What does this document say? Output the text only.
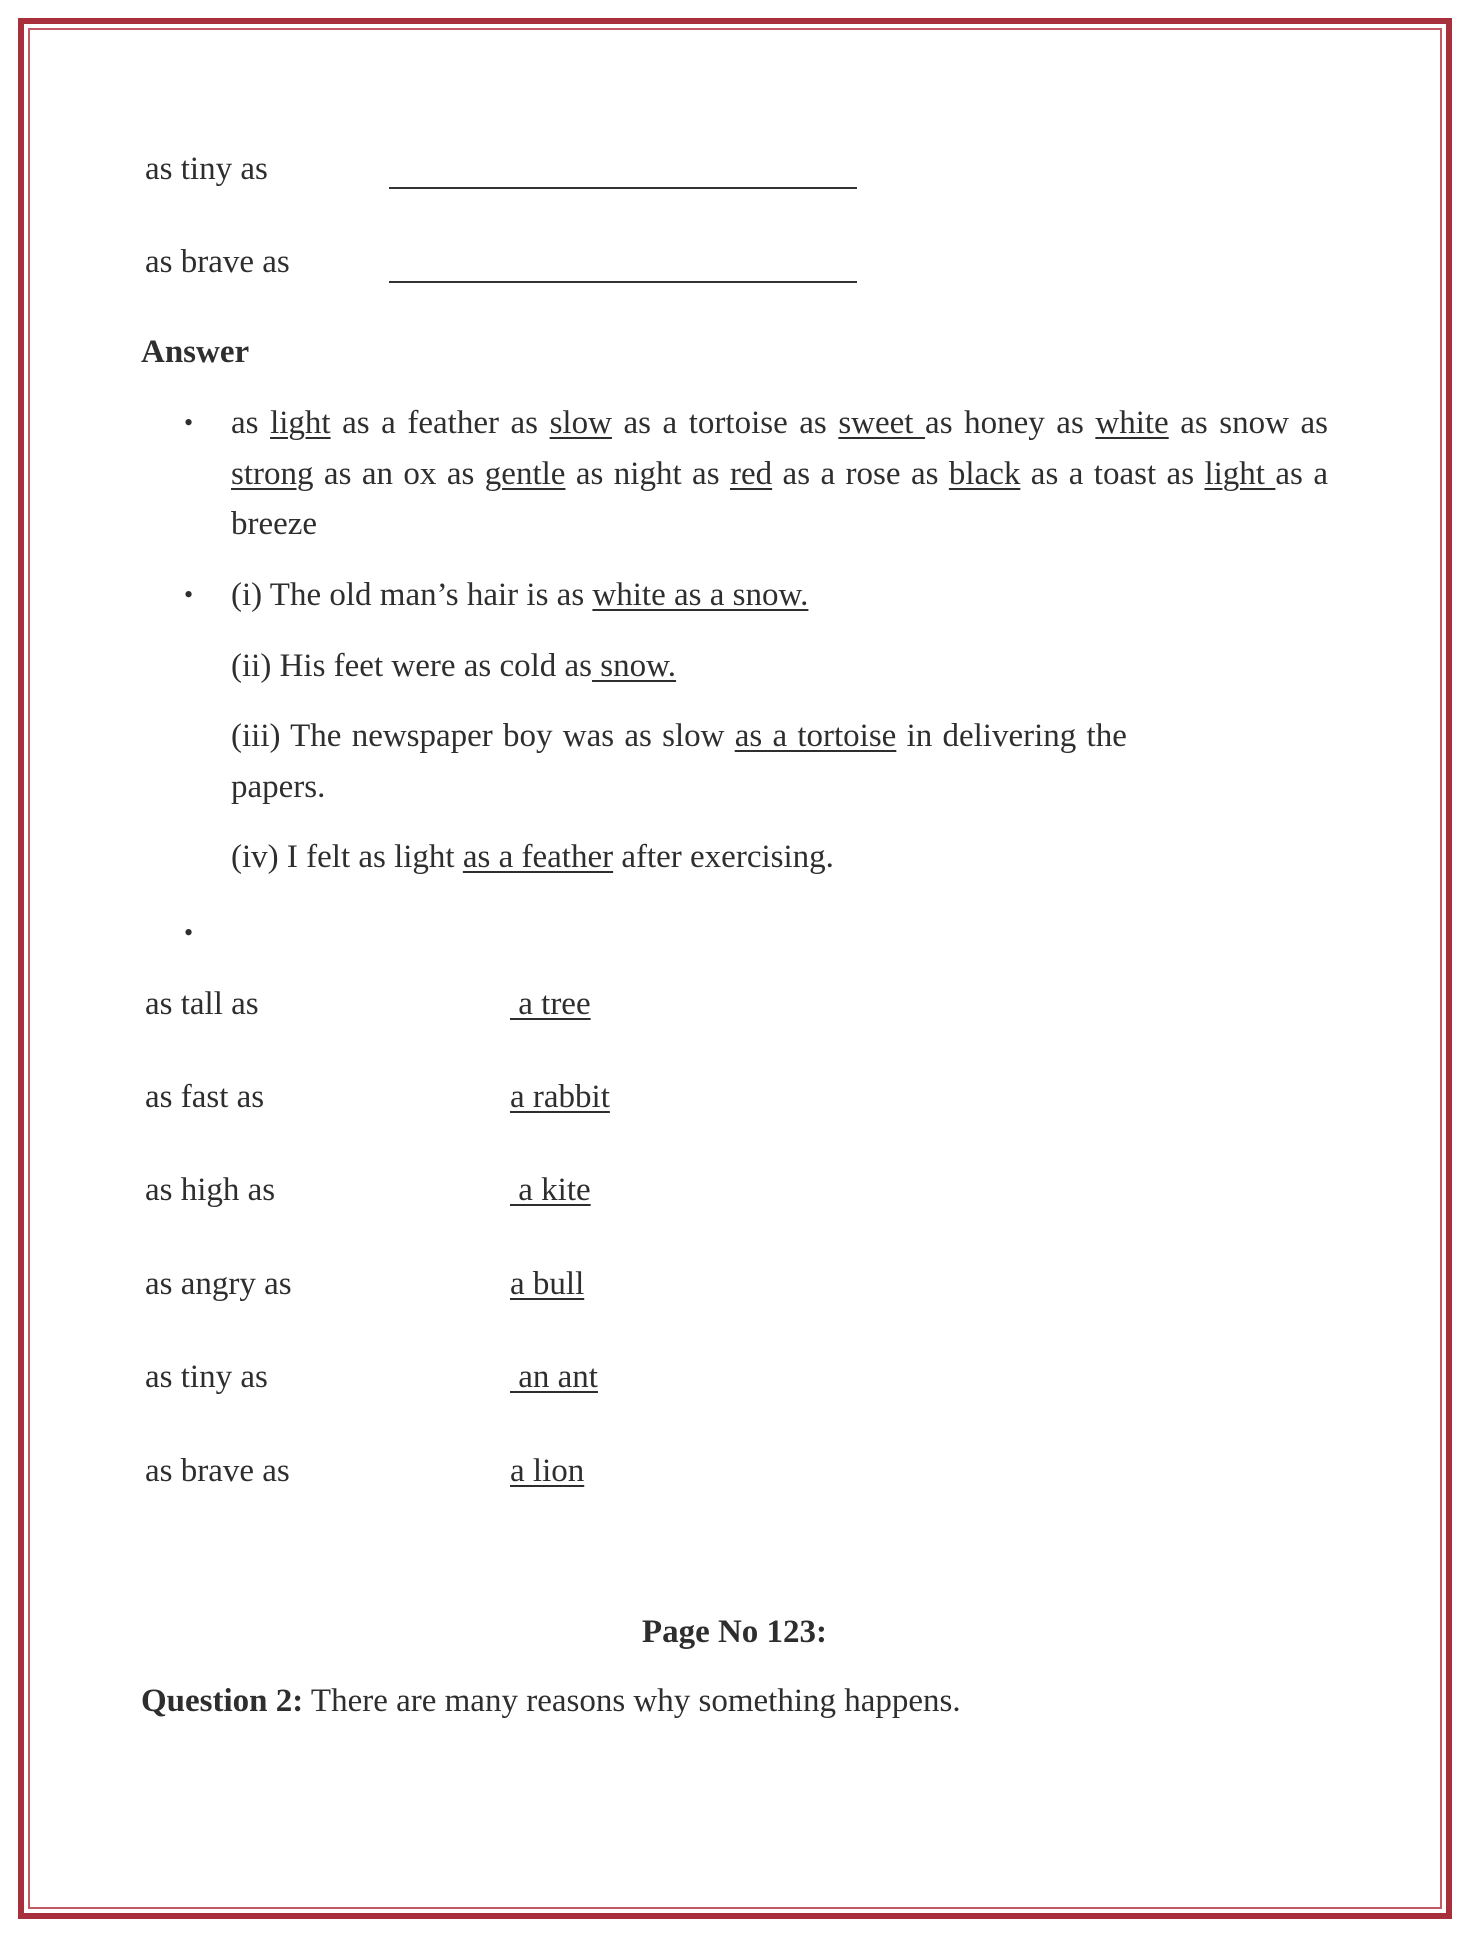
as tiny as
as brave as
Answer
• as light as a feather as slow as a tortoise as sweet as honey as white as snow as strong as an ox as gentle as night as red as a rose as black as a toast as light as a breeze
• (i) The old man’s hair is as white as a snow.
(ii) His feet were as cold as snow.
(iii) The newspaper boy was as slow as a tortoise in delivering the
papers.
(iv) I felt as light as a feather after exercising.
•
as tall as	a tree
as fast as	a rabbit
as high as	a kite
as angry as	a bull
as tiny as	an ant
as brave as	a lion
Page No 123:
Question 2: There are many reasons why something happens.
